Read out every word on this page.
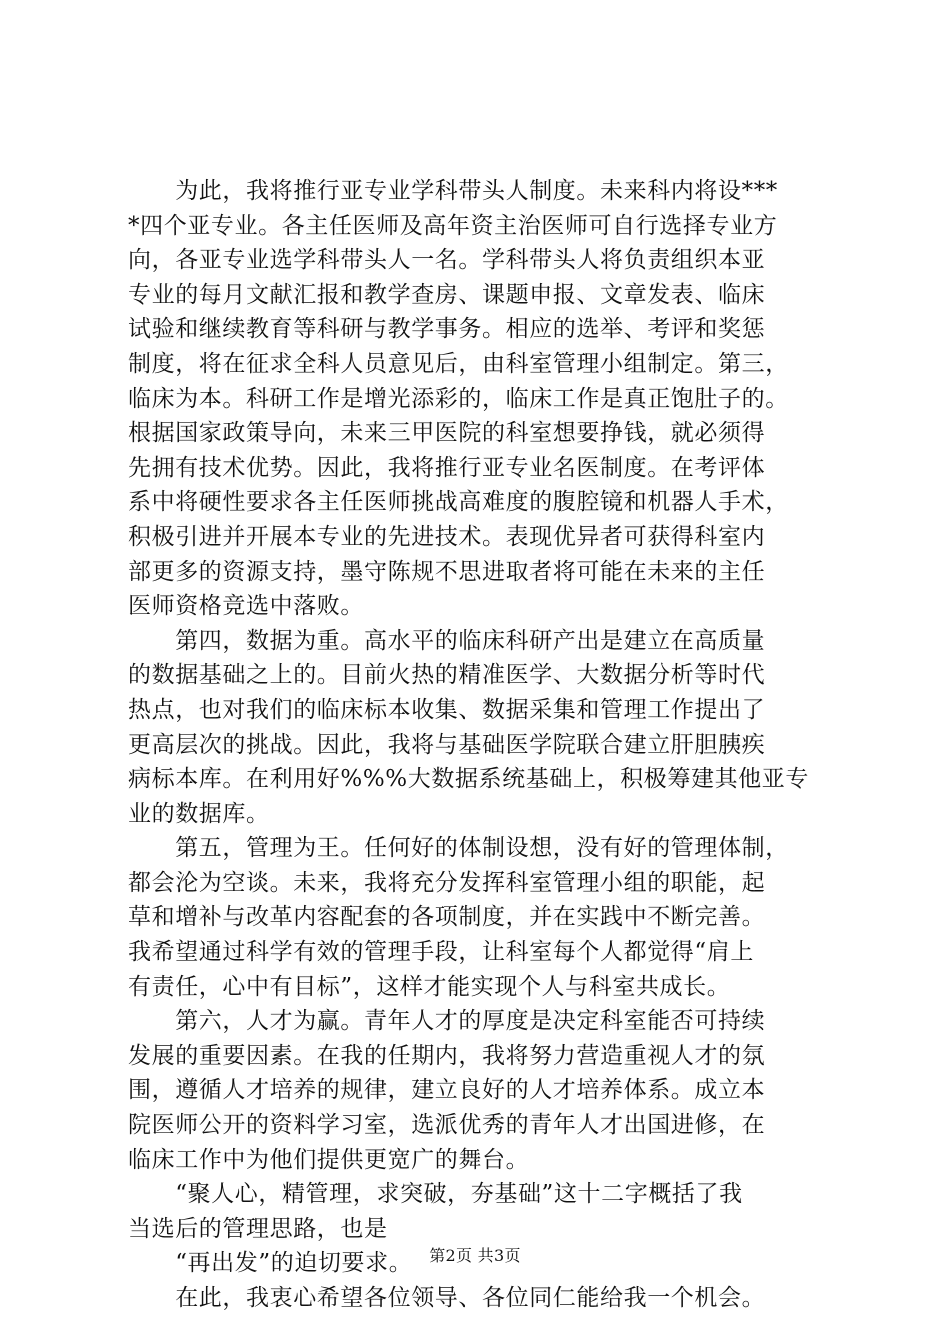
　　为此，我将推行亚专业学科带头人制度。未来科内将设***
*四个亚专业。各主任医师及高年资主治医师可自行选择专业方
向，各亚专业选学科带头人一名。学科带头人将负责组织本亚
专业的每月文献汇报和教学查房、课题申报、文章发表、临床
试验和继续教育等科研与教学事务。相应的选举、考评和奖惩
制度，将在征求全科人员意见后，由科室管理小组制定。第三，
临床为本。科研工作是增光添彩的，临床工作是真正饱肚子的。
根据国家政策导向，未来三甲医院的科室想要挣钱，就必须得
先拥有技术优势。因此，我将推行亚专业名医制度。在考评体
系中将硬性要求各主任医师挑战高难度的腹腔镜和机器人手术，
积极引进并开展本专业的先进技术。表现优异者可获得科室内
部更多的资源支持，墨守陈规不思进取者将可能在未来的主任
医师资格竞选中落败。
　　第四，数据为重。高水平的临床科研产出是建立在高质量
的数据基础之上的。目前火热的精准医学、大数据分析等时代
热点，也对我们的临床标本收集、数据采集和管理工作提出了
更高层次的挑战。因此，我将与基础医学院联合建立肝胆胰疾
病标本库。在利用好%%%大数据系统基础上，积极筹建其他亚专
业的数据库。
　　第五，管理为王。任何好的体制设想，没有好的管理体制，
都会沦为空谈。未来，我将充分发挥科室管理小组的职能，起
草和增补与改革内容配套的各项制度，并在实践中不断完善。
我希望通过科学有效的管理手段，让科室每个人都觉得“肩上
有责任，心中有目标”，这样才能实现个人与科室共成长。
　　第六，人才为赢。青年人才的厚度是决定科室能否可持续
发展的重要因素。在我的任期内，我将努力营造重视人才的氛
围，遵循人才培养的规律，建立良好的人才培养体系。成立本
院医师公开的资料学习室，选派优秀的青年人才出国进修，在
临床工作中为他们提供更宽广的舞台。
　　“聚人心，精管理，求突破，夯基础”这十二字概括了我
当选后的管理思路，也是
　　“再出发”的迫切要求。
　　在此，我衷心希望各位领导、各位同仁能给我一个机会。
第2页 共3页
